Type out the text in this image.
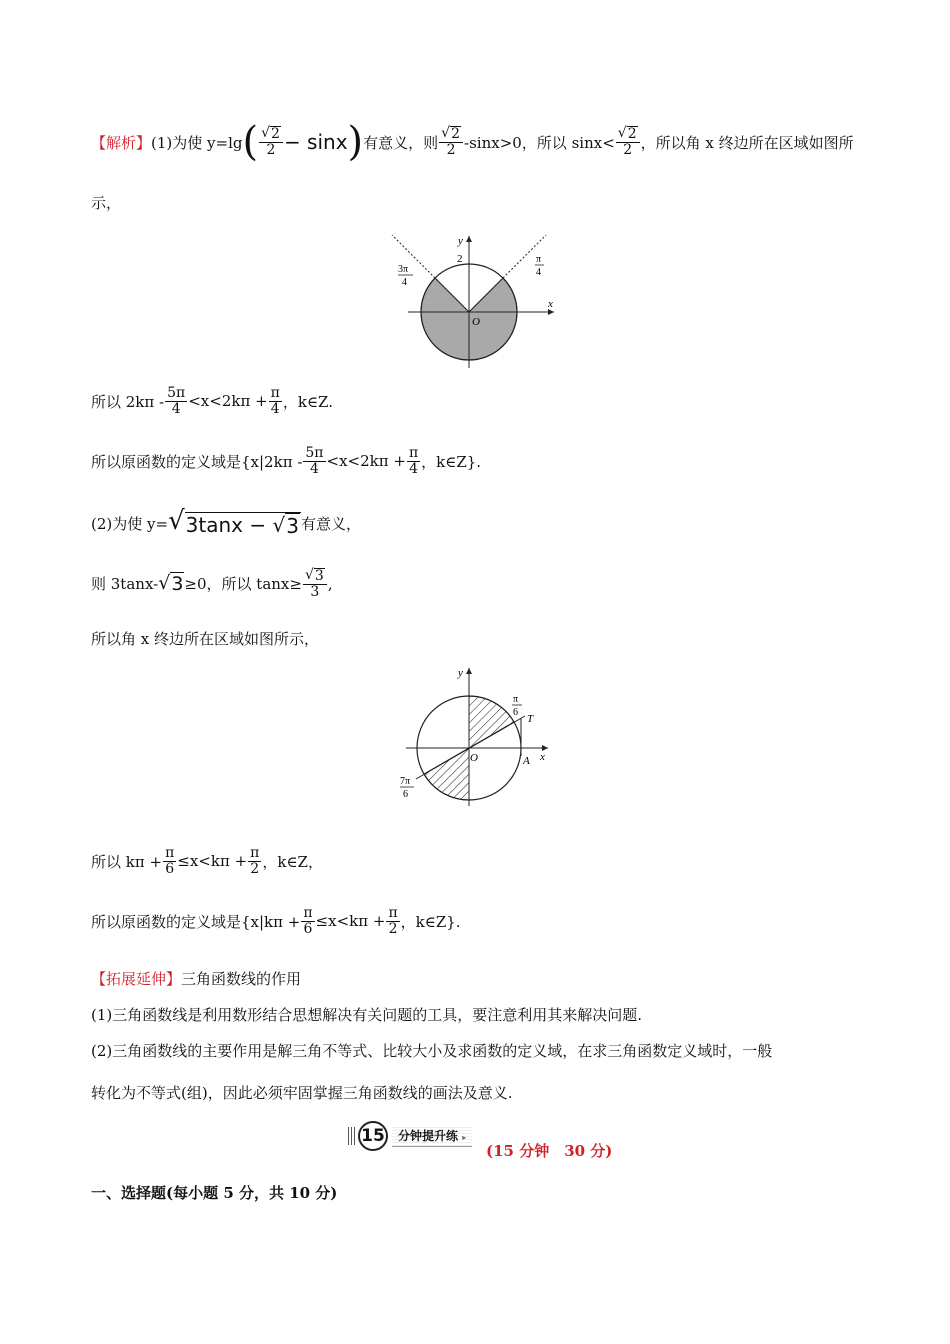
【解析】 (1)为使 y=lg ( $\frac{√ 2}{2} - \sin x$ ) 有意义，则 $\frac{√ 2}{2} -\sin x>0$，所以 $\sin x< \frac{√ 2}{2}$ ，所以角 x 终边所在区域如图所
示，
y
x
O
2
3π
4
π
4
所以 $2k\pi - \frac{5\pi}{4} <x<2k\pi + \frac{\pi}{4}$ ，k∈Z.
所以原函数的定义域是{$x|2k\pi - \frac{5\pi}{4} <x<2k\pi + \frac{\pi}{4}$ ，k∈Z}.
(2)为使 y= √ 3tanx − √ 3 有意义，
则 3tanx- √ 3 ≥0，所以 $\tan x\ge \frac{√ 3}{3}$ ,
所以角 x 终边所在区域如图所示，
y
x
O	A
T
π
6
7π
6
所以 $k\pi + \frac{\pi}{6} \le x<k\pi + \frac{\pi}{2}$ ，k∈Z，
所以原函数的定义域是{$x|k\pi + \frac{\pi}{6} \le x<k\pi + \frac{\pi}{2}$ ，k∈Z}.
【拓展延伸】 三角函数线的作用
(1)三角函数线是利用数形结合思想解决有关问题的工具，要注意利用其来解决问题.
(2)三角函数线的主要作用是解三角不等式、比较大小及求函数的定义域，在求三角函数定义域时，一般
转化为不等式(组)，因此必须牢固掌握三角函数线的画法及意义.
15	分钟提升练 ▸
(15 分钟　30 分)
一、选择题(每小题 5 分，共 10 分)
